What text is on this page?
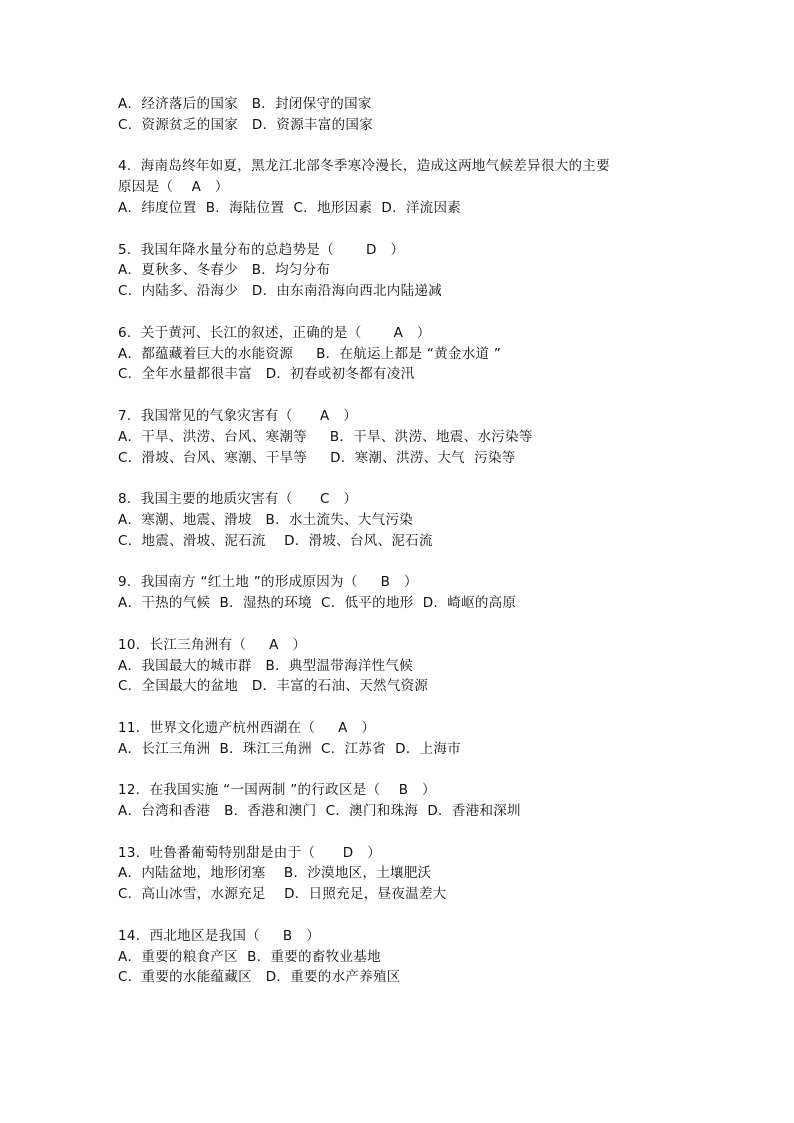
A．经济落后的国家   B．封闭保守的国家
C．资源贫乏的国家   D．资源丰富的国家
4．海南岛终年如夏，黑龙江北部冬季寒冷漫长，造成这两地气候差异很大的主要
原因是（    A   ）
A．纬度位置  B．海陆位置  C．地形因素  D．洋流因素
5．我国年降水量分布的总趋势是（       D   ）
A．夏秋多、冬春少   B．均匀分布
C．内陆多、沿海少   D．由东南沿海向西北内陆递减
6．关于黄河、长江的叙述，正确的是（       A   ）
A．都蕴藏着巨大的水能资源     B．在航运上都是 “黄金水道 ”
C．全年水量都很丰富   D．初春或初冬都有凌汛
7．我国常见的气象灾害有（      A   ）
A．干旱、洪涝、台风、寒潮等     B．干旱、洪涝、地震、水污染等
C．滑坡、台风、寒潮、干旱等     D．寒潮、洪涝、大气  污染等
8．我国主要的地质灾害有（      C   ）
A．寒潮、地震、滑坡   B．水土流失、大气污染
C．地震、滑坡、泥石流    D．滑坡、台风、泥石流
9．我国南方 “红土地 ”的形成原因为（     B   ）
A．干热的气候  B．湿热的环境  C．低平的地形  D．崎岖的高原
10．长江三角洲有（     A   ）
A．我国最大的城市群   B．典型温带海洋性气候
C．全国最大的盆地   D．丰富的石油、天然气资源
11．世界文化遗产杭州西湖在（     A   ）
A．长江三角洲  B．珠江三角洲  C．江苏省  D．上海市
12．在我国实施 “一国两制 ”的行政区是（    B   ）
A．台湾和香港   B．香港和澳门  C．澳门和珠海  D．香港和深圳
13．吐鲁番葡萄特别甜是由于（      D   ）
A．内陆盆地，地形闭塞    B．沙漠地区，土壤肥沃
C．高山冰雪，水源充足    D．日照充足，昼夜温差大
14．西北地区是我国（     B   ）
A．重要的粮食产区  B．重要的畜牧业基地
C．重要的水能蕴藏区   D．重要的水产养殖区
